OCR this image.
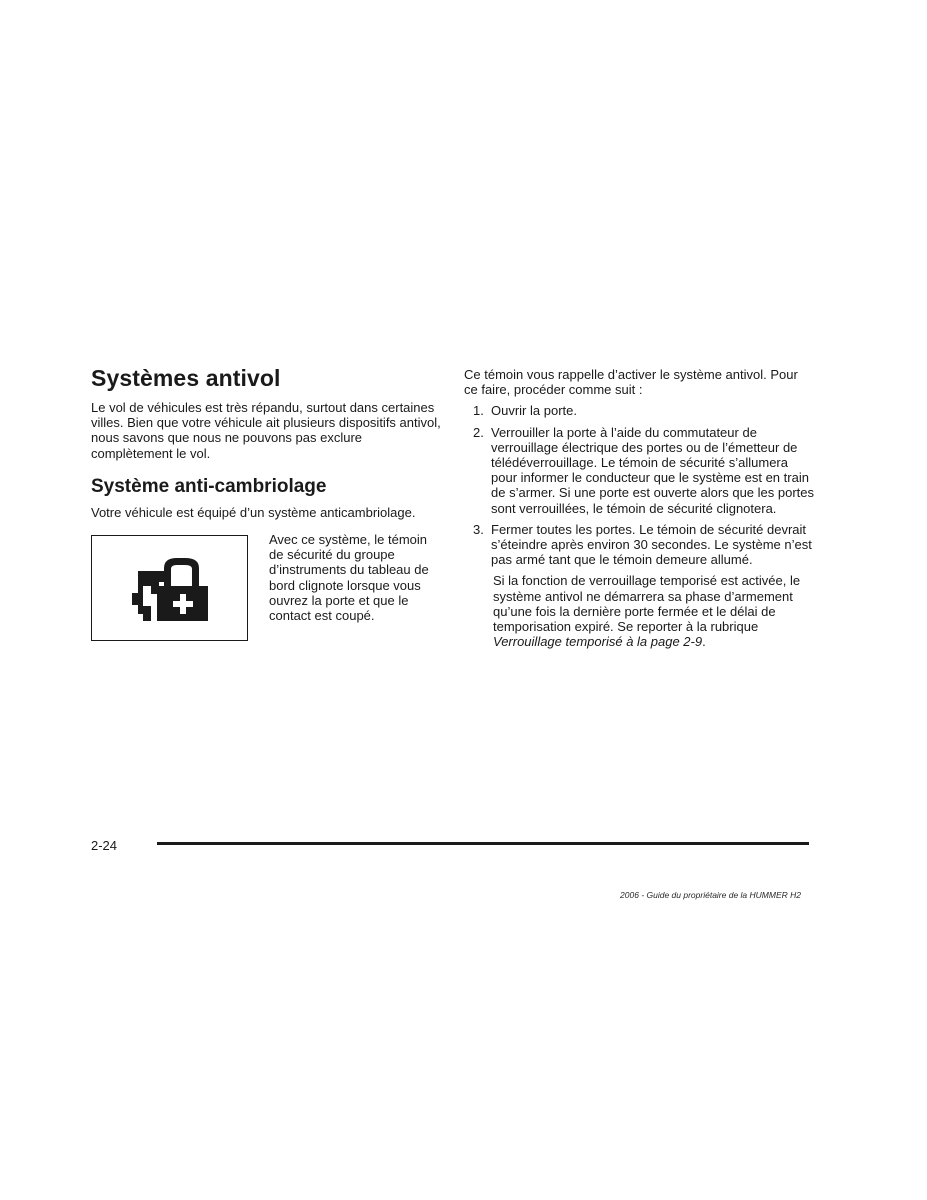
Systèmes antivol

Le vol de véhicules est très répandu, surtout dans certaines villes. Bien que votre véhicule ait plusieurs dispositifs antivol, nous savons que nous ne pouvons pas exclure complètement le vol.

Système anti-cambriolage

Votre véhicule est équipé d’un système anticambriolage.

Avec ce système, le témoin de sécurité du groupe d’instruments du tableau de bord clignote lorsque vous ouvrez la porte et que le contact est coupé.

Ce témoin vous rappelle d’activer le système antivol. Pour ce faire, procéder comme suit :

1. Ouvrir la porte.
2. Verrouiller la porte à l’aide du commutateur de verrouillage électrique des portes ou de l’émetteur de télédéverrouillage. Le témoin de sécurité s’allumera pour informer le conducteur que le système est en train de s’armer. Si une porte est ouverte alors que les portes sont verrouillées, le témoin de sécurité clignotera.
3. Fermer toutes les portes. Le témoin de sécurité devrait s’éteindre après environ 30 secondes. Le système n’est pas armé tant que le témoin demeure allumé.

Si la fonction de verrouillage temporisé est activée, le système antivol ne démarrera sa phase d’armement qu’une fois la dernière porte fermée et le délai de temporisation expiré. Se reporter à la rubrique Verrouillage temporisé à la page 2-9.

2-24
2006 - Guide du propriétaire de la HUMMER H2
